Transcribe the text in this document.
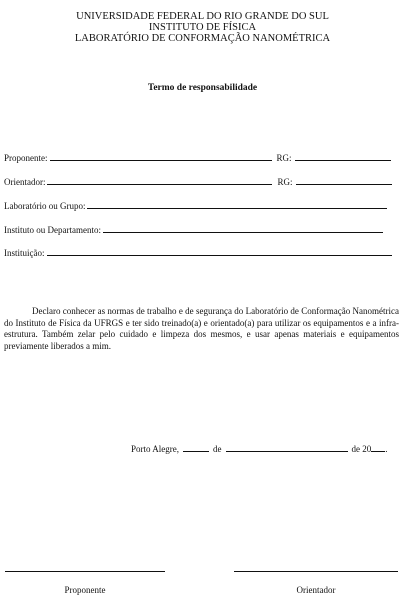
UNIVERSIDADE FEDERAL DO RIO GRANDE DO SUL
INSTITUTO DE FÍSICA
LABORATÓRIO DE CONFORMAÇÃO NANOMÉTRICA
Termo de responsabilidade
Proponente:	RG:
Orientador:	RG:
Laboratório ou Grupo:
Instituto ou Departamento:
Instituição:
Declaro conhecer as normas de trabalho e de segurança do Laboratório de Conformação Nanométrica do Instituto de Física da UFRGS e ter sido treinado(a) e orientado(a) para utilizar os equipamentos e a infra-estrutura. Também zelar pelo cuidado e limpeza dos mesmos, e usar apenas materiais e equipamentos previamente liberados a mim.
Porto Alegre,	de	de 20 .
Proponente	Orientador
